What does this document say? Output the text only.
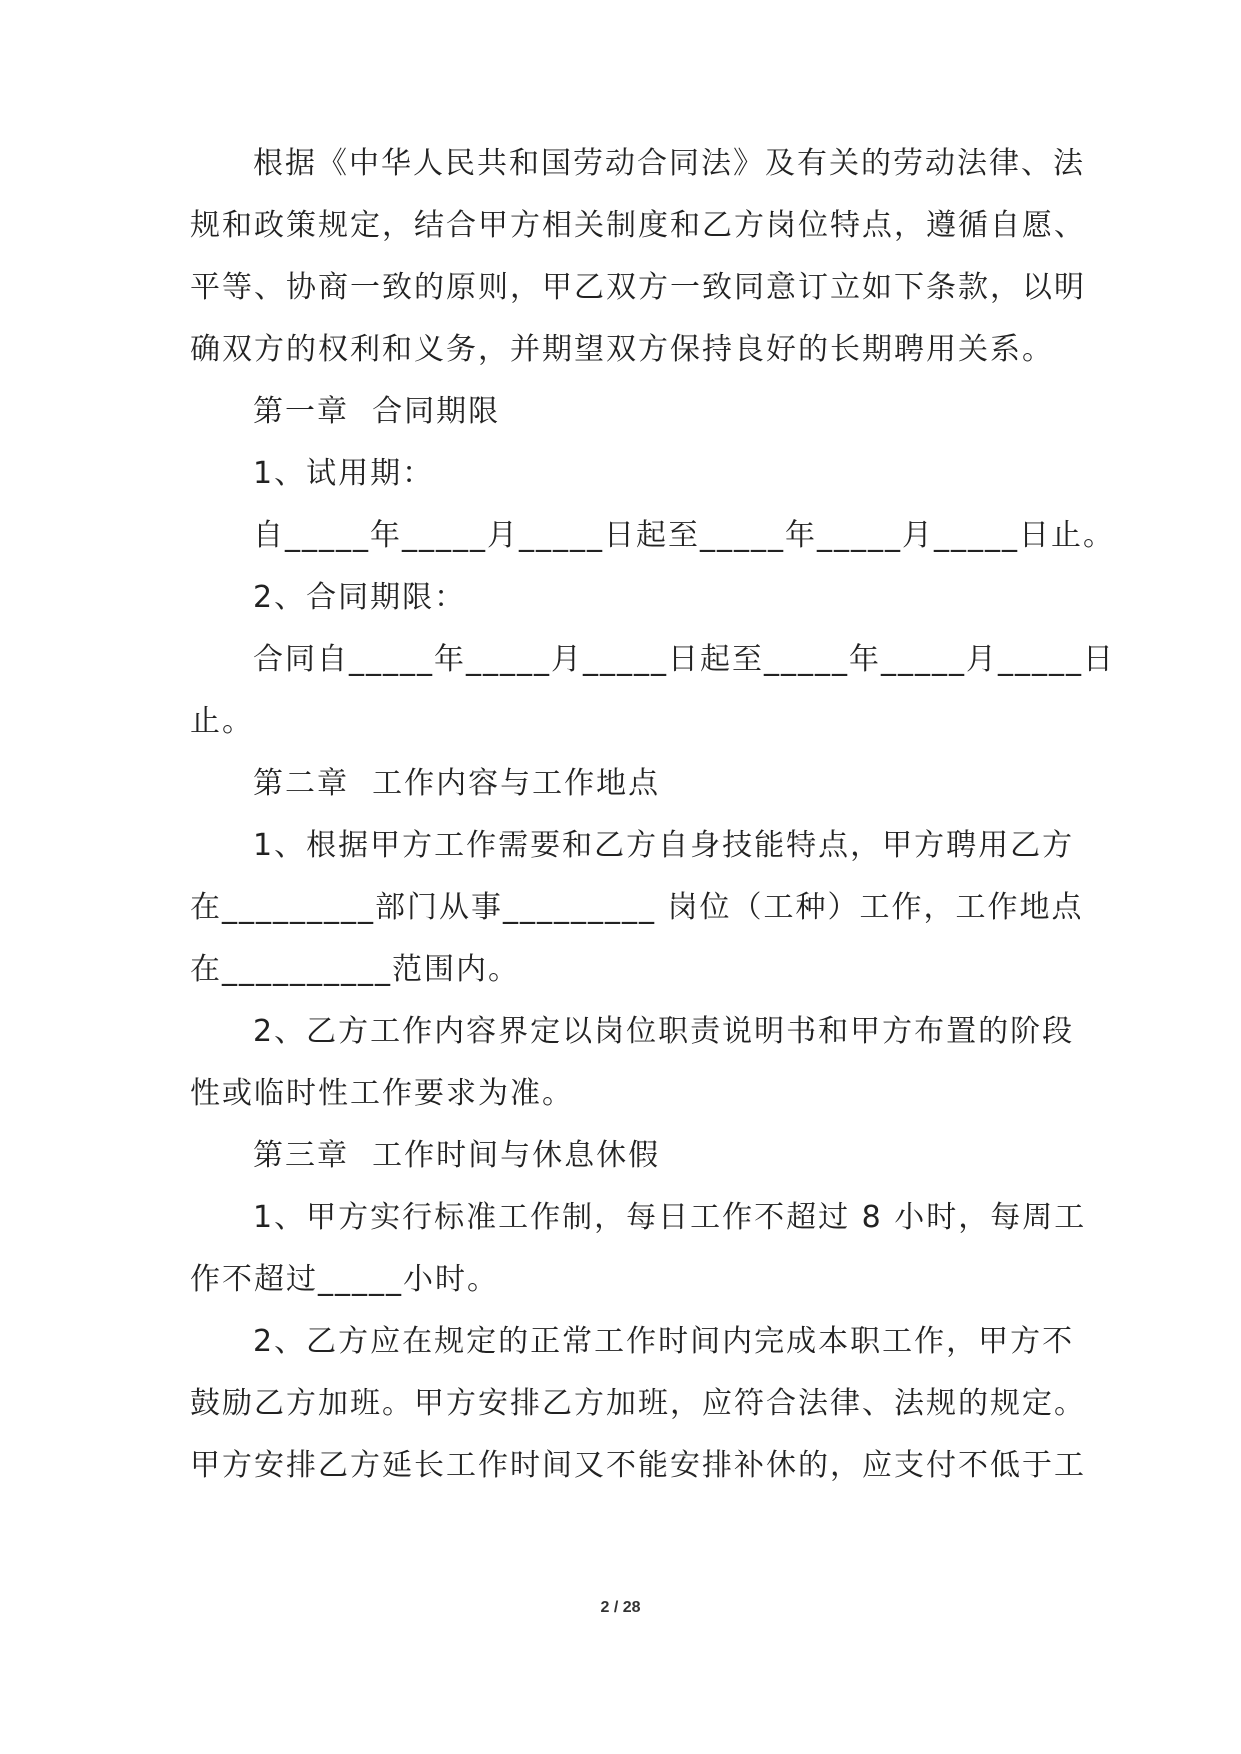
根据《中华人民共和国劳动合同法》及有关的劳动法律、法
规和政策规定，结合甲方相关制度和乙方岗位特点，遵循自愿、
平等、协商一致的原则，甲乙双方一致同意订立如下条款，以明
确双方的权利和义务，并期望双方保持良好的长期聘用关系。
第一章  合同期限
1、试用期：
自_____年_____月_____日起至_____年_____月_____日止。
2、合同期限：
合同自_____年_____月_____日起至_____年_____月_____日
止。
第二章  工作内容与工作地点
1、根据甲方工作需要和乙方自身技能特点，甲方聘用乙方
在_________部门从事_________ 岗位（工种）工作，工作地点
在__________范围内。
2、乙方工作内容界定以岗位职责说明书和甲方布置的阶段
性或临时性工作要求为准。
第三章  工作时间与休息休假
1、甲方实行标准工作制，每日工作不超过 8 小时，每周工
作不超过_____小时。
2、乙方应在规定的正常工作时间内完成本职工作，甲方不
鼓励乙方加班。甲方安排乙方加班，应符合法律、法规的规定。
甲方安排乙方延长工作时间又不能安排补休的，应支付不低于工
2 / 28
